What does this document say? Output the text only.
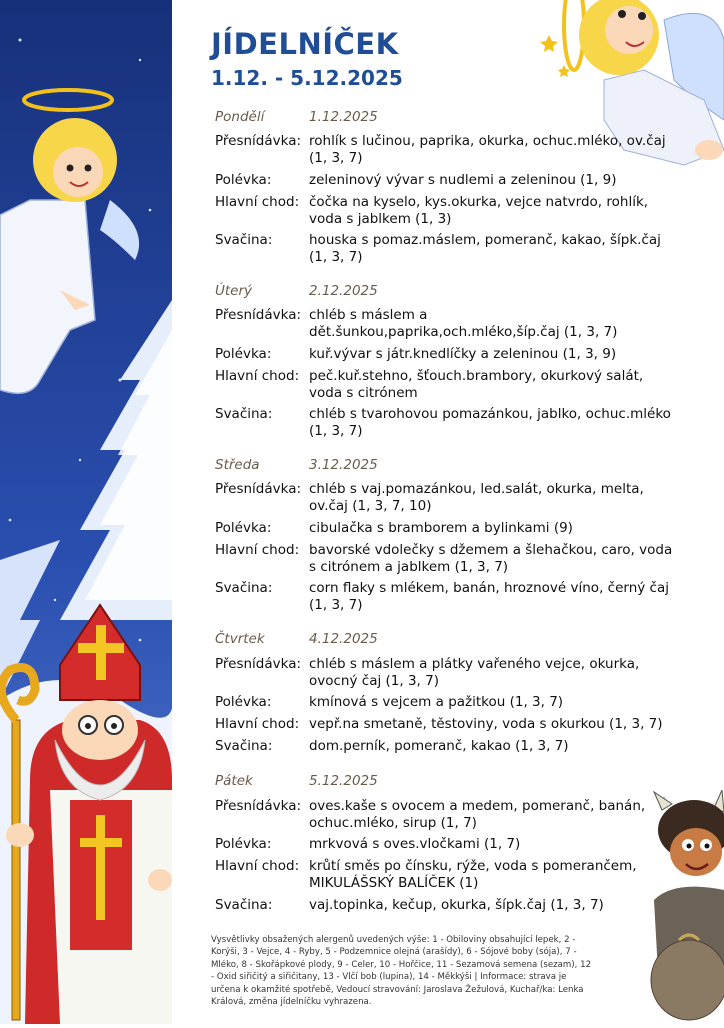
JÍDELNÍČEK
1.12. - 5.12.2025
Pondělí	1.12.2025
Přesnídávka: rohlík s lučinou, paprika, okurka, ochuc.mléko, ov.čaj
(1, 3, 7)
Polévka:	zeleninový vývar s nudlemi a zeleninou (1, 9)
Hlavní chod: čočka na kyselo, kys.okurka, vejce natvrdo, rohlík,
voda s jablkem (1, 3)
Svačina:	houska s pomaz.máslem, pomeranč, kakao, šípk.čaj
(1, 3, 7)
Úterý	2.12.2025
Přesnídávka: chléb s máslem a
dět.šunkou,paprika,och.mléko,šíp.čaj (1, 3, 7)
Polévka:	kuř.vývar s játr.knedlíčky a zeleninou (1, 3, 9)
Hlavní chod: peč.kuř.stehno, šťouch.brambory, okurkový salát,
voda s citrónem
Svačina:	chléb s tvarohovou pomazánkou, jablko, ochuc.mléko
(1, 3, 7)
Středa	3.12.2025
Přesnídávka: chléb s vaj.pomazánkou, led.salát, okurka, melta,
ov.čaj (1, 3, 7, 10)
Polévka:	cibulačka s bramborem a bylinkami (9)
Hlavní chod: bavorské vdolečky s džemem a šlehačkou, caro, voda
s citrónem a jablkem (1, 3, 7)
Svačina:	corn flaky s mlékem, banán, hroznové víno, černý čaj
(1, 3, 7)
Čtvrtek	4.12.2025
Přesnídávka: chléb s máslem a plátky vařeného vejce, okurka,
ovocný čaj (1, 3, 7)
Polévka:	kmínová s vejcem a pažitkou (1, 3, 7)
Hlavní chod: vepř.na smetaně, těstoviny, voda s okurkou (1, 3, 7)
Svačina:	dom.perník, pomeranč, kakao (1, 3, 7)
Pátek	5.12.2025
Přesnídávka: oves.kaše s ovocem a medem, pomeranč, banán,
ochuc.mléko, sirup (1, 7)
Polévka:	mrkvová s oves.vločkami (1, 7)
Hlavní chod: krůtí směs po čínsku, rýže, voda s pomerančem,
MIKULÁŠSKÝ BALÍČEK (1)
Svačina:	vaj.topinka, kečup, okurka, šípk.čaj (1, 3, 7)
Vysvětlivky obsažených alergenů uvedených výše: 1 - Obiloviny obsahující lepek, 2 -
Korýši, 3 - Vejce, 4 - Ryby, 5 - Podzemnice olejná (arašídy), 6 - Sójové boby (sója), 7 -
Mléko, 8 - Skořápkové plody, 9 - Celer, 10 - Hořčice, 11 - Sezamová semena (sezam), 12
- Oxid siřičitý a siřičitany, 13 - Vlčí bob (lupina), 14 - Měkkýši | Informace: strava je
určena k okamžité spotřebě, Vedoucí stravování: Jaroslava Žežulová, Kuchař/ka: Lenka
Králová, změna jídelníčku vyhrazena.
